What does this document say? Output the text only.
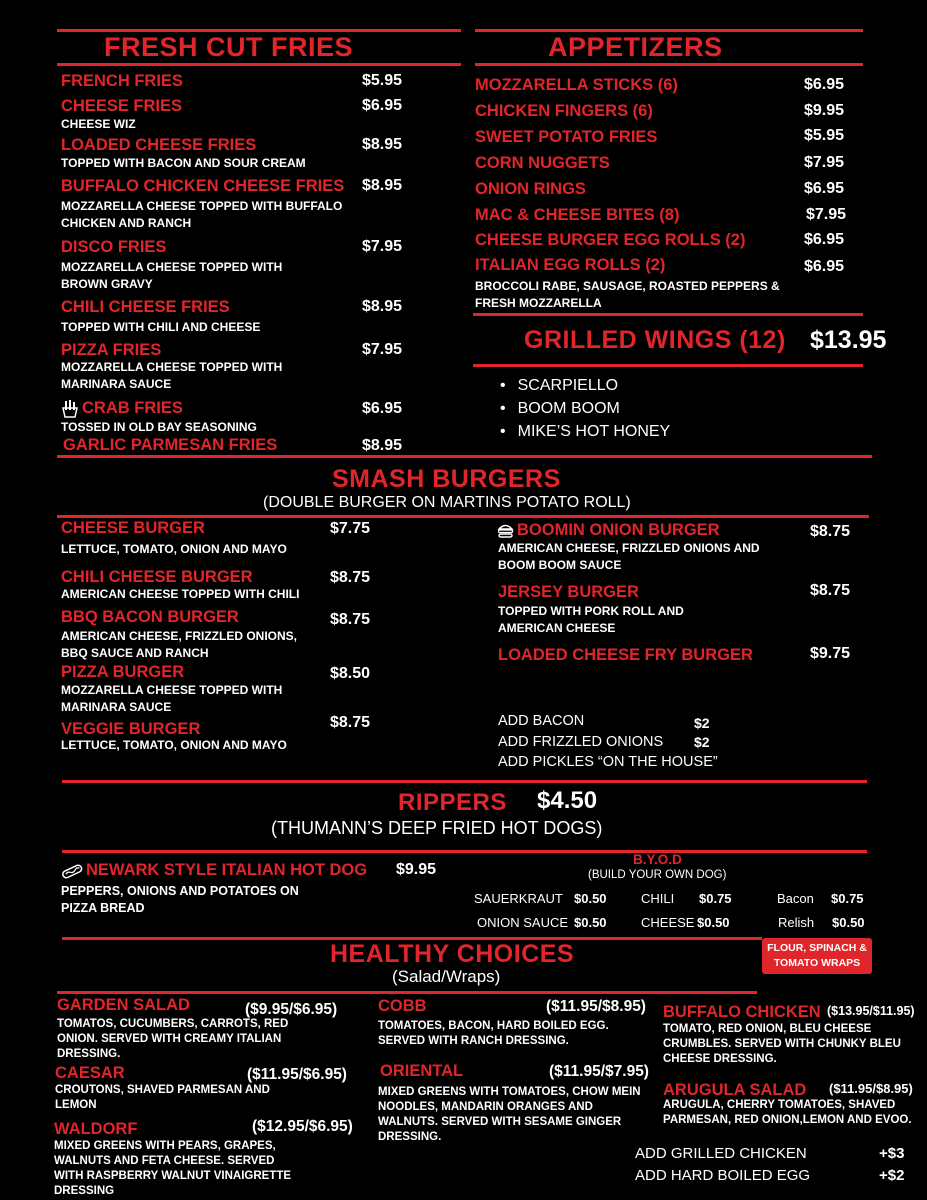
FRESH CUT FRIES
FRENCH FRIES	$5.95
CHEESE FRIES	$6.95
CHEESE WIZ
LOADED CHEESE FRIES	$8.95
TOPPED WITH BACON AND SOUR CREAM
BUFFALO CHICKEN CHEESE FRIES $8.95
MOZZARELLA CHEESE TOPPED WITH BUFFALO CHICKEN AND RANCH
DISCO FRIES	$7.95
MOZZARELLA CHEESE TOPPED WITH BROWN GRAVY
CHILI CHEESE FRIES	$8.95
TOPPED WITH CHILI AND CHEESE
PIZZA FRIES	$7.95
MOZZARELLA CHEESE TOPPED WITH MARINARA SAUCE
CRAB FRIES	$6.95
TOSSED IN OLD BAY SEASONING
GARLIC PARMESAN FRIES	$8.95
APPETIZERS
MOZZARELLA STICKS (6)	$6.95
CHICKEN FINGERS (6)	$9.95
SWEET POTATO FRIES	$5.95
CORN NUGGETS	$7.95
ONION RINGS	$6.95
MAC & CHEESE BITES (8)	$7.95
CHEESE BURGER EGG ROLLS (2)	$6.95
ITALIAN EGG ROLLS (2)	$6.95
BROCCOLI RABE, SAUSAGE, ROASTED PEPPERS & FRESH MOZZARELLA
GRILLED WINGS (12) $13.95
• SCARPIELLO
• BOOM BOOM
• MIKE’S HOT HONEY
SMASH BURGERS
(DOUBLE BURGER ON MARTINS POTATO ROLL)
CHEESE BURGER	$7.75
LETTUCE, TOMATO, ONION AND MAYO
CHILI CHEESE BURGER	$8.75
AMERICAN CHEESE TOPPED WITH CHILI
BBQ BACON BURGER	$8.75
AMERICAN CHEESE, FRIZZLED ONIONS, BBQ SAUCE AND RANCH
PIZZA BURGER	$8.50
MOZZARELLA CHEESE TOPPED WITH MARINARA SAUCE
VEGGIE BURGER	$8.75
LETTUCE, TOMATO, ONION AND MAYO
BOOMIN ONION BURGER	$8.75
AMERICAN CHEESE, FRIZZLED ONIONS AND BOOM BOOM SAUCE
JERSEY BURGER	$8.75
TOPPED WITH PORK ROLL AND AMERICAN CHEESE
LOADED CHEESE FRY BURGER	$9.75
ADD BACON	$2
ADD FRIZZLED ONIONS $2
ADD PICKLES “ON THE HOUSE”
RIPPERS $4.50
(THUMANN’S DEEP FRIED HOT DOGS)
NEWARK STYLE ITALIAN HOT DOG $9.95
PEPPERS, ONIONS AND POTATOES ON PIZZA BREAD
B.Y.O.D
(BUILD YOUR OWN DOG)
SAUERKRAUT $0.50	CHILI $0.75	Bacon $0.75
ONION SAUCE $0.50	CHEESE $0.50	Relish $0.50
HEALTHY CHOICES
(Salad/Wraps)
FLOUR, SPINACH & TOMATO WRAPS
GARDEN SALAD	($9.95/$6.95)
TOMATOS, CUCUMBERS, CARROTS, RED ONION. SERVED WITH CREAMY ITALIAN DRESSING.
CAESAR	($11.95/$6.95)
CROUTONS, SHAVED PARMESAN AND LEMON
WALDORF	($12.95/$6.95)
MIXED GREENS WITH PEARS, GRAPES, WALNUTS AND FETA CHEESE. SERVED WITH RASPBERRY WALNUT VINAIGRETTE DRESSING
COBB	($11.95/$8.95)
TOMATOES, BACON, HARD BOILED EGG. SERVED WITH RANCH DRESSING.
ORIENTAL	($11.95/$7.95)
MIXED GREENS WITH TOMATOES, CHOW MEIN NOODLES, MANDARIN ORANGES AND WALNUTS. SERVED WITH SESAME GINGER DRESSING.
BUFFALO CHICKEN ($13.95/$11.95)
TOMATO, RED ONION, BLEU CHEESE CRUMBLES. SERVED WITH CHUNKY BLEU CHEESE DRESSING.
ARUGULA SALAD ($11.95/$8.95)
ARUGULA, CHERRY TOMATOES, SHAVED PARMESAN, RED ONION,LEMON AND EVOO.
ADD GRILLED CHICKEN	+$3
ADD HARD BOILED EGG	+$2
